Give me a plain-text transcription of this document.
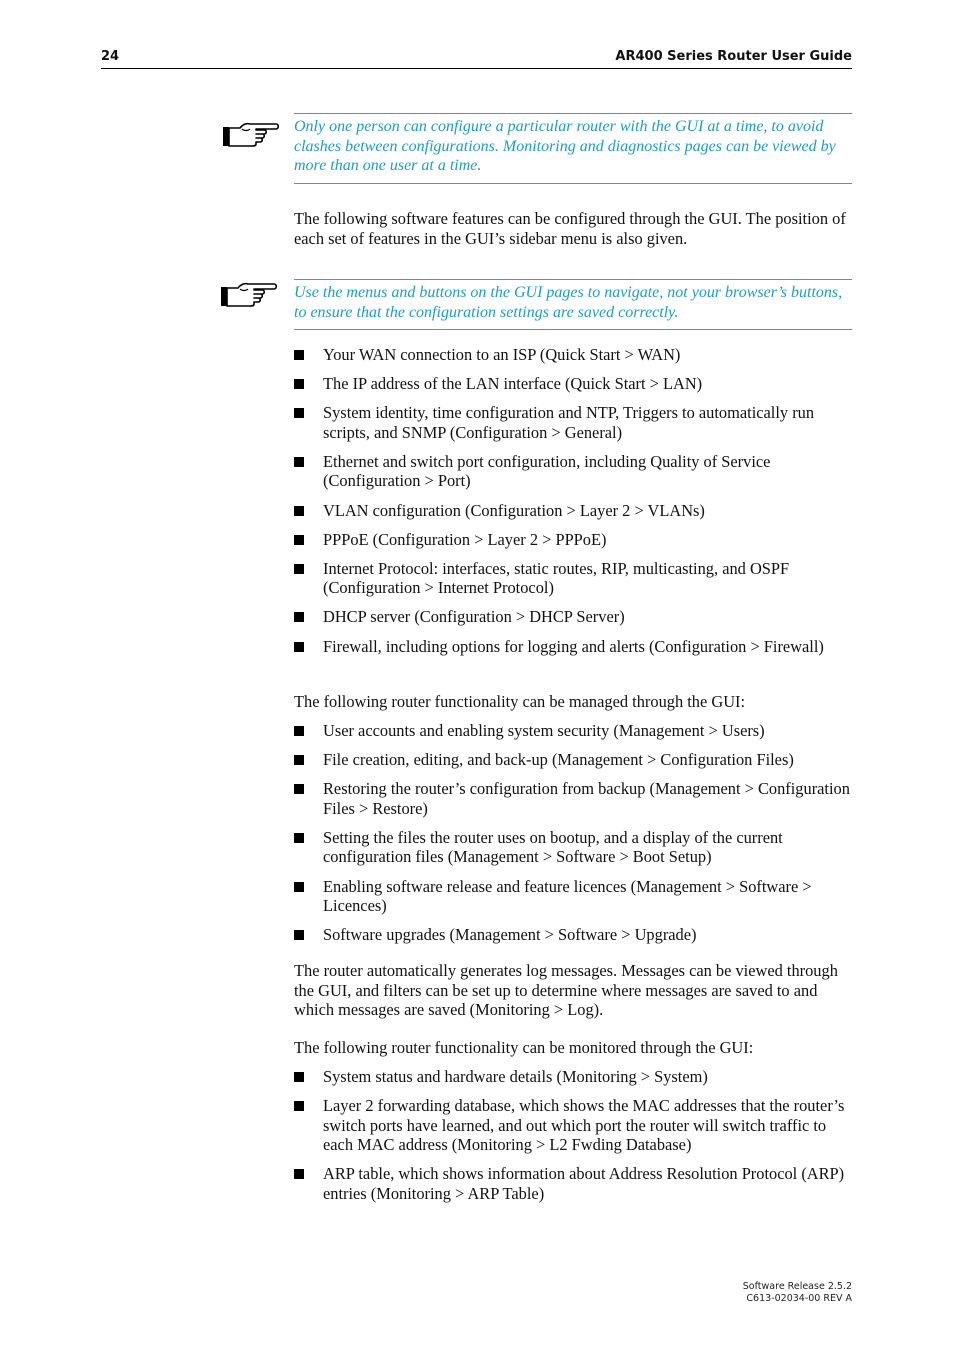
24	AR400 Series Router User Guide
Only one person can configure a particular router with the GUI at a time, to avoid clashes between configurations. Monitoring and diagnostics pages can be viewed by more than one user at a time.
The following software features can be configured through the GUI. The position of each set of features in the GUI’s sidebar menu is also given.
Use the menus and buttons on the GUI pages to navigate, not your browser’s buttons, to ensure that the configuration settings are saved correctly.
Your WAN connection to an ISP (Quick Start > WAN)
The IP address of the LAN interface (Quick Start > LAN)
System identity, time configuration and NTP, Triggers to automatically run scripts, and SNMP (Configuration > General)
Ethernet and switch port configuration, including Quality of Service (Configuration > Port)
VLAN configuration (Configuration > Layer 2 > VLANs)
PPPoE (Configuration > Layer 2 > PPPoE)
Internet Protocol: interfaces, static routes, RIP, multicasting, and OSPF (Configuration > Internet Protocol)
DHCP server (Configuration > DHCP Server)
Firewall, including options for logging and alerts (Configuration > Firewall)
The following router functionality can be managed through the GUI:
User accounts and enabling system security (Management > Users)
File creation, editing, and back-up (Management > Configuration Files)
Restoring the router’s configuration from backup (Management > Configuration Files > Restore)
Setting the files the router uses on bootup, and a display of the current configuration files (Management > Software > Boot Setup)
Enabling software release and feature licences (Management > Software > Licences)
Software upgrades (Management > Software > Upgrade)
The router automatically generates log messages. Messages can be viewed through the GUI, and filters can be set up to determine where messages are saved to and which messages are saved (Monitoring > Log).
The following router functionality can be monitored through the GUI:
System status and hardware details (Monitoring > System)
Layer 2 forwarding database, which shows the MAC addresses that the router’s switch ports have learned, and out which port the router will switch traffic to each MAC address (Monitoring > L2 Fwding Database)
ARP table, which shows information about Address Resolution Protocol (ARP) entries (Monitoring > ARP Table)
Software Release 2.5.2
C613-02034-00 REV A
